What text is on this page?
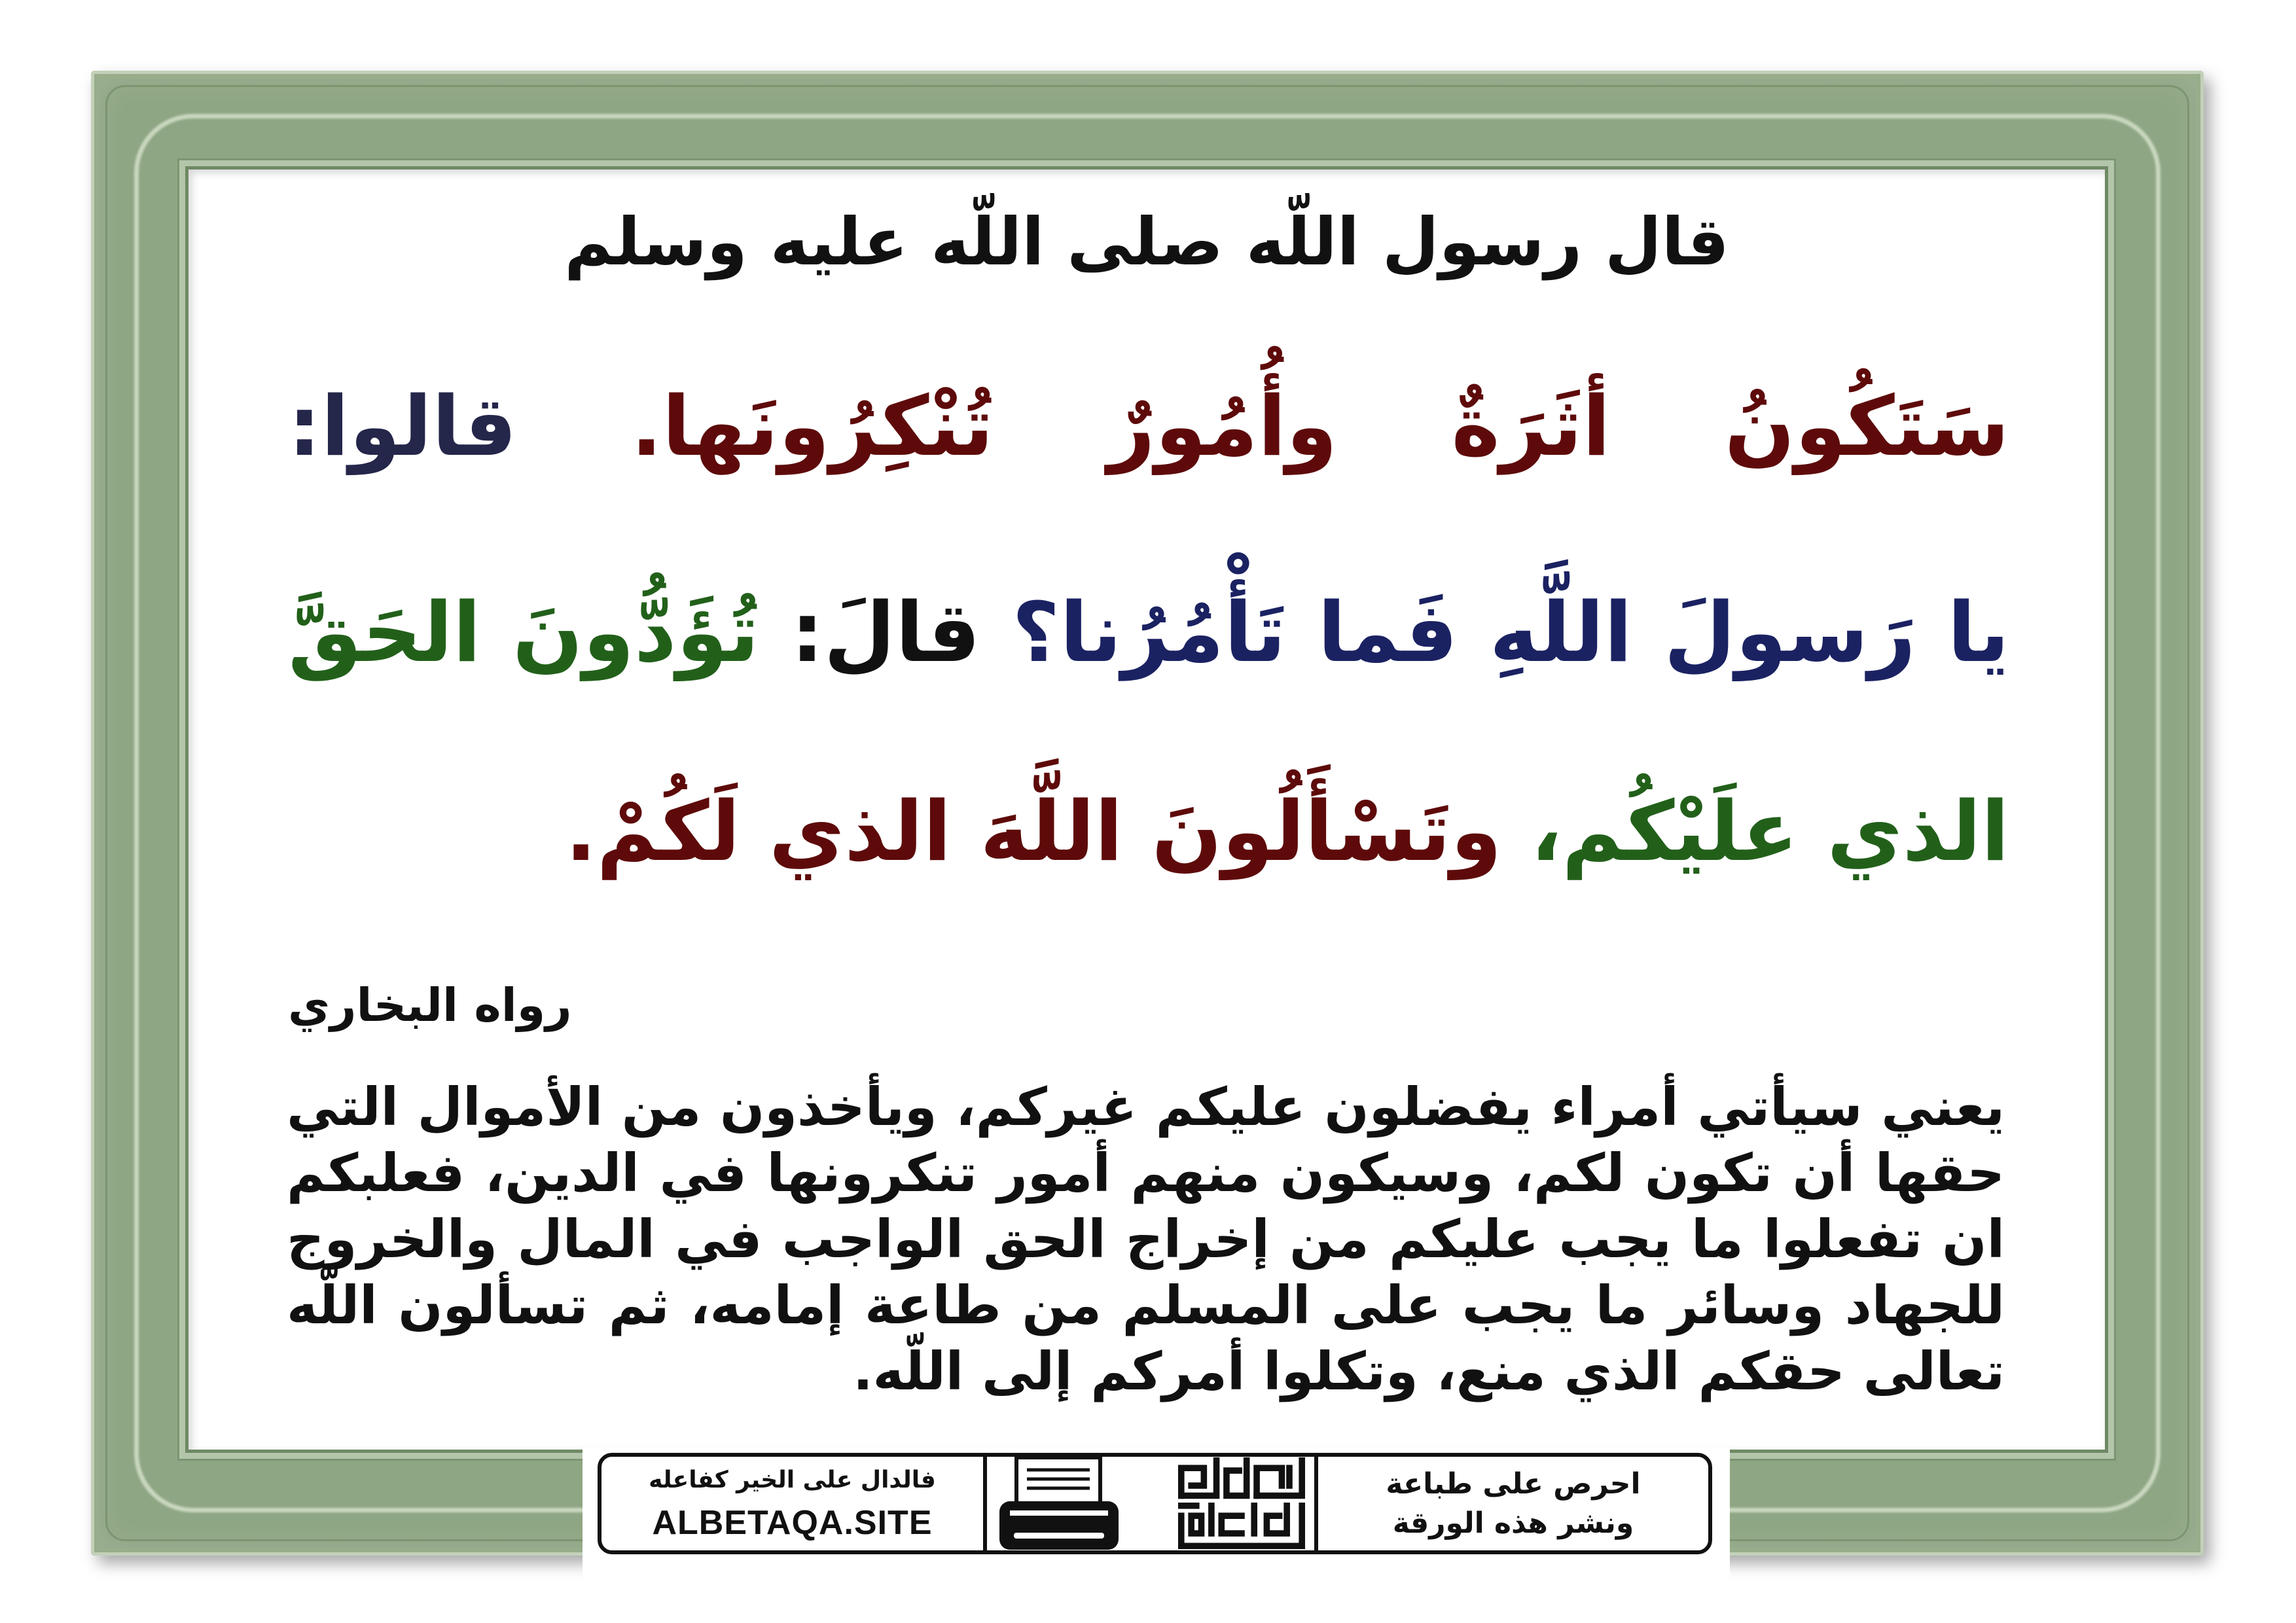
قال رسول اللّه صلى اللّه عليه وسلم
سَتَكُونُ أثَرَةٌ وأُمُورٌ تُنْكِرُونَها. قالوا:
يا رَسولَ اللَّهِ فَما تَأْمُرُنا؟ قالَ: تُؤَدُّونَ الحَقَّ
الذي علَيْكُم، وتَسْأَلُونَ اللَّهَ الذي لَكُمْ.
رواه البخاري
يعني سيأتي أمراء يفضلون عليكم غيركم، ويأخذون من الأموال التي
حقها أن تكون لكم، وسيكون منهم أمور تنكرونها في الدين، فعلبكم
ان تفعلوا ما يجب عليكم من إخراج الحق الواجب في المال والخروج
للجهاد وسائر ما يجب على المسلم من طاعة إمامه، ثم تسألون اللّه
تعالى حقكم الذي منع، وتكلوا أمركم إلى اللّه.
فالدال على الخير كفاعله
ALBETAQA.SITE
احرص على طباعة
ونشر هذه الورقة
